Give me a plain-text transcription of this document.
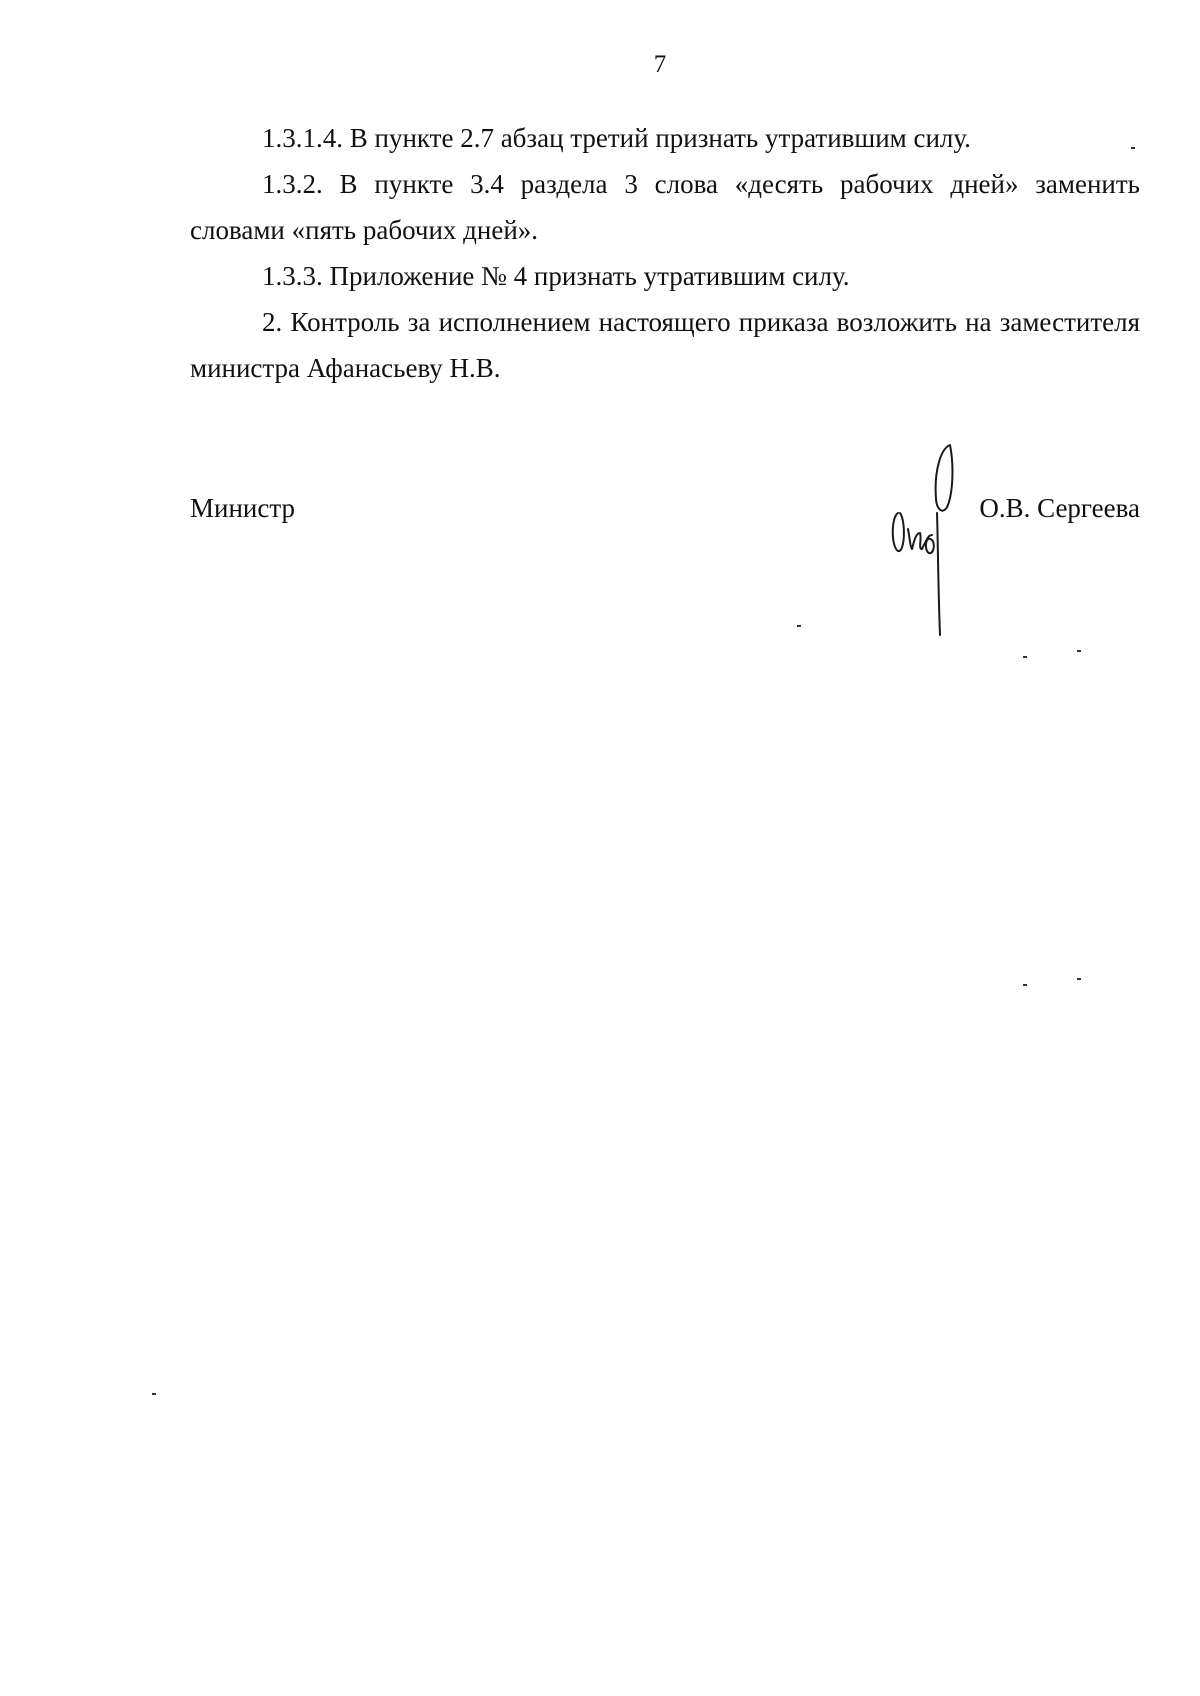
7

1.3.1.4. В пункте 2.7 абзац третий признать утратившим силу.

1.3.2. В пункте 3.4 раздела 3 слова «десять рабочих дней» заменить словами «пять рабочих дней».

1.3.3. Приложение № 4 признать утратившим силу.

2. Контроль за исполнением настоящего приказа возложить на заместителя министра Афанасьеву Н.В.

Министр	О.В. Сергеева
